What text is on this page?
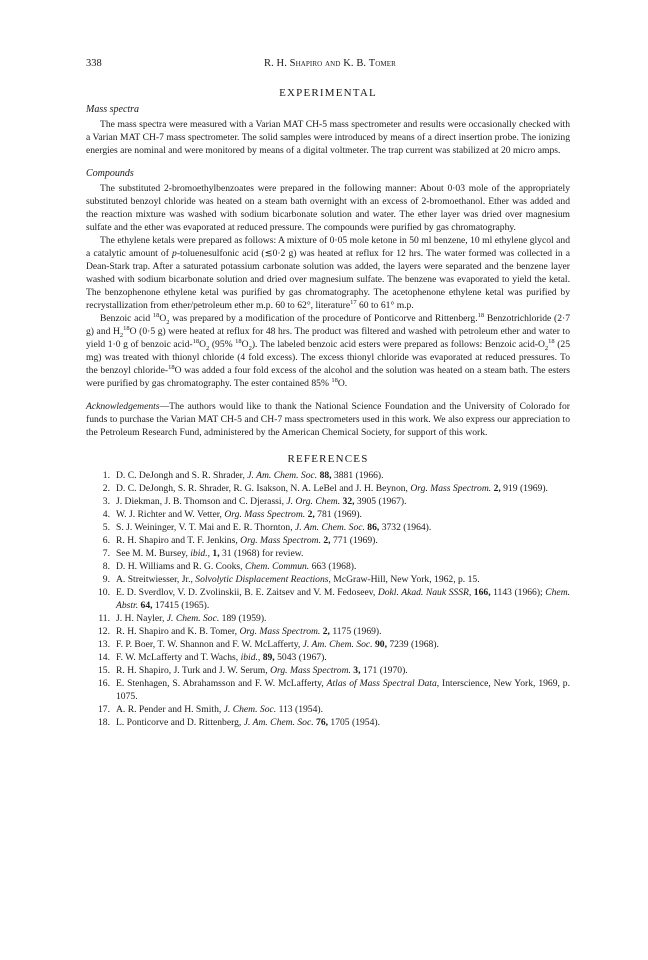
338	R. H. Shapiro and K. B. Tomer
EXPERIMENTAL
Mass spectra

The mass spectra were measured with a Varian MAT CH-5 mass spectrometer and results were occasionally checked with a Varian MAT CH-7 mass spectrometer. The solid samples were introduced by means of a direct insertion probe. The ionizing energies are nominal and were monitored by means of a digital voltmeter. The trap current was stabilized at 20 micro amps.

Compounds

The substituted 2-bromoethylbenzoates were prepared in the following manner: About 0·03 mole of the appropriately substituted benzoyl chloride was heated on a steam bath overnight with an excess of 2-bromoethanol. Ether was added and the reaction mixture was washed with sodium bicarbonate solution and water. The ether layer was dried over magnesium sulfate and the ether was evaporated at reduced pressure. The compounds were purified by gas chromatography.

The ethylene ketals were prepared as follows: A mixture of 0·05 mole ketone in 50 ml benzene, 10 ml ethylene glycol and a catalytic amount of p-toluenesulfonic acid (≲0·2 g) was heated at reflux for 12 hrs. The water formed was collected in a Dean-Stark trap. After a saturated potassium carbonate solution was added, the layers were separated and the benzene layer washed with sodium bicarbonate solution and dried over magnesium sulfate. The benzene was evaporated to yield the ketal. The benzophenone ethylene ketal was purified by gas chromatography. The acetophenone ethylene ketal was purified by recrystallization from ether/petroleum ether m.p. 60 to 62°, literature$^{17}$ 60 to 61° m.p.

Benzoic acid $^{18}O_2$ was prepared by a modification of the procedure of Ponticorve and Rittenberg.$^{18}$ Benzotrichloride (2·7 g) and $H_2^{18}O$ (0·5 g) were heated at reflux for 48 hrs. The product was filtered and washed with petroleum ether and water to yield 1·0 g of benzoic acid-$^{18}O_2$ (95% $^{18}O_2$). The labeled benzoic acid esters were prepared as follows: Benzoic acid-$O_2^{18}$ (25 mg) was treated with thionyl chloride (4 fold excess). The excess thionyl chloride was evaporated at reduced pressures. To the benzoyl chloride-$^{18}$O was added a four fold excess of the alcohol and the solution was heated on a steam bath. The esters were purified by gas chromatography. The ester contained 85% $^{18}$O.

Acknowledgements—The authors would like to thank the National Science Foundation and the University of Colorado for funds to purchase the Varian MAT CH-5 and CH-7 mass spectrometers used in this work. We also express our appreciation to the Petroleum Research Fund, administered by the American Chemical Society, for support of this work.

REFERENCES
1. D. C. DeJongh and S. R. Shrader, J. Am. Chem. Soc. 88, 3881 (1966).
2. D. C. DeJongh, S. R. Shrader, R. G. Isakson, N. A. LeBel and J. H. Beynon, Org. Mass Spectrom. 2, 919 (1969).
3. J. Diekman, J. B. Thomson and C. Djerassi, J. Org. Chem. 32, 3905 (1967).
4. W. J. Richter and W. Vetter, Org. Mass Spectrom. 2, 781 (1969).
5. S. J. Weininger, V. T. Mai and E. R. Thornton, J. Am. Chem. Soc. 86, 3732 (1964).
6. R. H. Shapiro and T. F. Jenkins, Org. Mass Spectrom. 2, 771 (1969).
7. See M. M. Bursey, ibid., 1, 31 (1968) for review.
8. D. H. Williams and R. G. Cooks, Chem. Commun. 663 (1968).
9. A. Streitwiesser, Jr., Solvolytic Displacement Reactions, McGraw-Hill, New York, 1962, p. 15.
10. E. D. Sverdlov, V. D. Zvolinskii, B. E. Zaitsev and V. M. Fedoseev, Dokl. Akad. Nauk SSSR, 166, 1143 (1966); Chem. Abstr. 64, 17415 (1965).
11. J. H. Nayler, J. Chem. Soc. 189 (1959).
12. R. H. Shapiro and K. B. Tomer, Org. Mass Spectrom. 2, 1175 (1969).
13. F. P. Boer, T. W. Shannon and F. W. McLafferty, J. Am. Chem. Soc. 90, 7239 (1968).
14. F. W. McLafferty and T. Wachs, ibid., 89, 5043 (1967).
15. R. H. Shapiro, J. Turk and J. W. Serum, Org. Mass Spectrom. 3, 171 (1970).
16. E. Stenhagen, S. Abrahamsson and F. W. McLafferty, Atlas of Mass Spectral Data, Interscience, New York, 1969, p. 1075.
17. A. R. Pender and H. Smith, J. Chem. Soc. 113 (1954).
18. L. Ponticorve and D. Rittenberg, J. Am. Chem. Soc. 76, 1705 (1954).
